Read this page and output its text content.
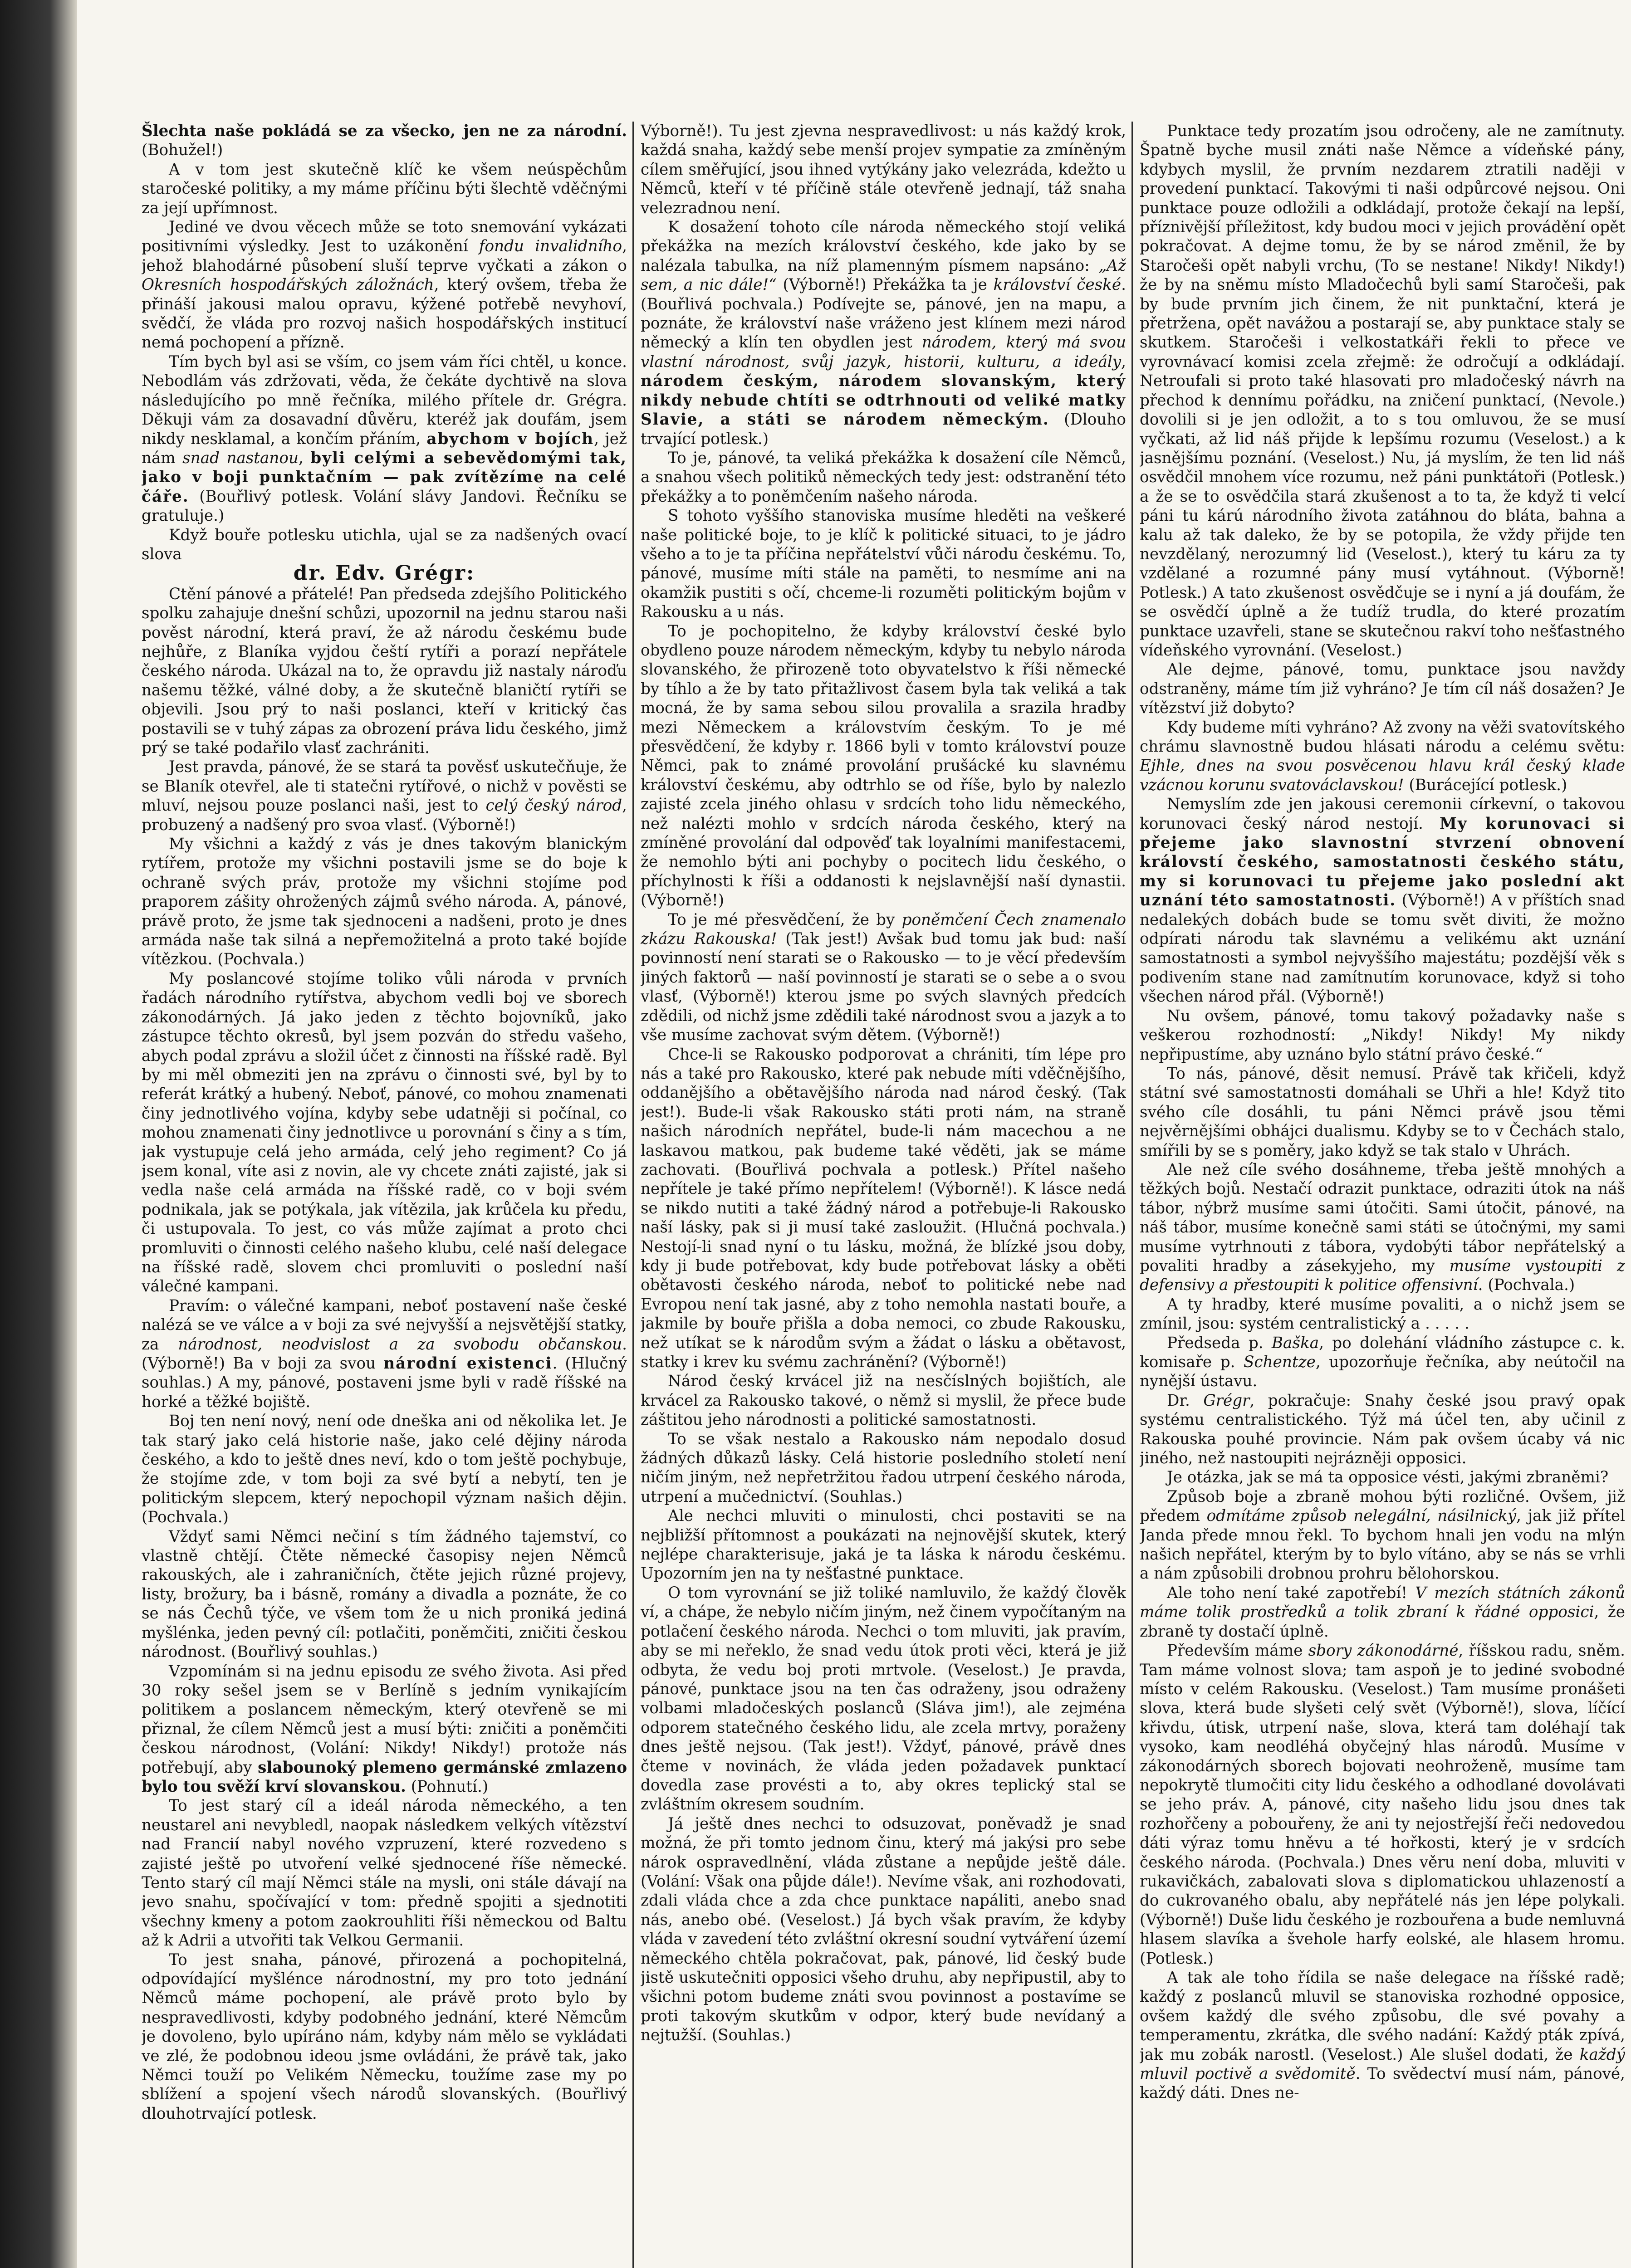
Šlechta naše pokládá se za všecko, jen ne za národní. (Bohužel!)

A v tom jest skutečně klíč ke všem neúspěchům staročeské politiky, a my máme příčinu býti šlechtě vděčnými za její upřímnost.

Jediné ve dvou věcech může se toto snemování vykázati positivními výsledky. Jest to uzákonění fondu invalidního, jehož blahodárné působení sluší teprve vyčkati a zákon o Okresních hospodářských záložnách, který ovšem, třeba že přináší jakousi malou opravu, kýžené potřebě nevyhoví, svědčí, že vláda pro rozvoj našich hospodářských institucí nemá pochopení a přízně.

Tím bych byl asi se vším, co jsem vám říci chtěl, u konce. Nebodlám vás zdržovati, věda, že čekáte dychtivě na slova následujícího po mně řečníka, milého přítele dr. Grégra. Děkuji vám za dosavadní důvěru, kteréž jak doufám, jsem nikdy nesklamal, a končím přáním, abychom v bojích, jež nám snad nastanou, byli celými a sebevědomými tak, jako v boji punktačním — pak zvítězíme na celé čáře. (Bouřlivý potlesk. Volání slávy Jandovi. Řečníku se gratuluje.)

Když bouře potlesku utichla, ujal se za nadšených ovací slova

dr. Edv. Grégr:

Ctění pánové a přátelé! Pan předseda zdejšího Politického spolku zahajuje dnešní schůzi, upozornil na jednu starou naši pověst národní, která praví, že až národu českému bude nejhůře, z Blaníka vyjdou čeští rytíři a porazí nepřátele českého národa. Ukázal na to, že opravdu již nastaly nároďu našemu těžké, válné doby, a že skutečně blaničtí rytíři se objevili. Jsou prý to naši poslanci, kteří v kritický čas postavili se v tuhý zápas za obrození práva lidu českého, jimž prý se také podařilo vlasť zachrániti.

Jest pravda, pánové, že se stará ta pověsť uskutečňuje, že se Blaník otevřel, ale ti statečni rytířové, o nichž v pověsti se mluví, nejsou pouze poslanci naši, jest to celý český národ, probuzený a nadšený pro svoa vlasť. (Výborně!)

My všichni a každý z vás je dnes takovým blanickým rytířem, protože my všichni postavili jsme se do boje k ochraně svých práv, protože my všichni stojíme pod praporem zášity ohrožených zájmů svého národa. A, pánové, právě proto, že jsme tak sjednoceni a nadšeni, proto je dnes armáda naše tak silná a nepřemožitelná a proto také bojíde vítězkou. (Pochvala.)

My poslancové stojíme toliko vůli národa v prvních řadách národního rytířstva, abychom vedli boj ve sborech zákonodárných. Já jako jeden z těchto bojovníků, jako zástupce těchto okresů, byl jsem pozván do středu vašeho, abych podal zprávu a složil účet z činnosti na říšské radě. Byl by mi měl obmeziti jen na zprávu o činnosti své, byl by to referát krátký a hubený. Neboť, pánové, co mohou znamenati činy jednotlivého vojína, kdyby sebe udatněji si počínal, co mohou znamenati činy jednotlivce u porovnání s činy a s tím, jak vystupuje celá jeho armáda, celý jeho regiment? Co já jsem konal, víte asi z novin, ale vy chcete znáti zajisté, jak si vedla naše celá armáda na říšské radě, co v boji svém podnikala, jak se potýkala, jak vítězila, jak krůčela ku předu, či ustupovala. To jest, co vás může zajímat a proto chci promluviti o činnosti celého našeho klubu, celé naší delegace na říšské radě, slovem chci promluviti o poslední naší válečné kampani.

Pravím: o válečné kampani, neboť postavení naše české nalézá se ve válce a v boji za své nejvyšší a nejsvětější statky, za národnost, neodvislost a za svobodu občanskou. (Výborně!) Ba v boji za svou národní existenci. (Hlučný souhlas.) A my, pánové, postaveni jsme byli v radě říšské na horké a těžké bojiště.

Boj ten není nový, není ode dneška ani od několika let. Je tak starý jako celá historie naše, jako celé dějiny národa českého, a kdo to ještě dnes neví, kdo o tom ještě pochybuje, že stojíme zde, v tom boji za své bytí a nebytí, ten je politickým slepcem, který nepochopil význam našich dějin. (Pochvala.)

Vždyť sami Němci nečiní s tím žádného tajemství, co vlastně chtějí. Čtěte německé časopisy nejen Němců rakouských, ale i zahraničních, čtěte jejich různé projevy, listy, brožury, ba i básně, romány a divadla a poznáte, že co se nás Čechů týče, ve všem tom že u nich proniká jediná myšlénka, jeden pevný cíl: potlačiti, poněmčiti, zničiti českou národnost. (Bouřlivý souhlas.)

Vzpomínám si na jednu episodu ze svého života. Asi před 30 roky sešel jsem se v Berlíně s jedním vynikajícím politikem a poslancem německým, který otevřeně se mi přiznal, že cílem Němců jest a musí býti: zničiti a poněmčiti českou národnost, (Volání: Nikdy! Nikdy!) protože nás potřebují, aby slabounoký plemeno germánské zmlazeno bylo tou svěží krví slovanskou. (Pohnutí.)

To jest starý cíl a ideál národa německého, a ten neustarel ani nevybledl, naopak následkem velkých vítězství nad Francií nabyl nového vzpruzení, které rozvedeno s zajisté ještě po utvoření velké sjednocené říše německé. Tento starý cíl mají Němci stále na mysli, oni stále dávají na jevo snahu, spočívající v tom: předně spojiti a sjednotiti všechny kmeny a potom zaokrouhliti říši německou od Baltu až k Adrii a utvořiti tak Velkou Germanii.

To jest snaha, pánové, přirozená a pochopitelná, odpovídající myšlénce národnostní, my pro toto jednání Němců máme pochopení, ale právě proto bylo by nespravedlivosti, kdyby podobného jednání, které Němcům je dovoleno, bylo upíráno nám, kdyby nám mělo se vykládati ve zlé, že podobnou ideou jsme ovládáni, že právě tak, jako Němci touží po Velikém Německu, toužíme zase my po sblížení a spojení všech národů slovanských. (Bouřlivý dlouhotrvající potlesk.

Výborně!). Tu jest zjevna nespravedlivost: u nás každý krok, každá snaha, každý sebe menší projev sympatie za zmíněným cílem směřující, jsou ihned vytýkány jako velezráda, kdežto u Němců, kteří v té příčině stále otevřeně jednají, táž snaha velezradnou není.

K dosažení tohoto cíle národa německého stojí veliká překážka na mezích království českého, kde jako by se nalézala tabulka, na níž plamenným písmem napsáno: „Až sem, a nic dále!“ (Výborně!) Překážka ta je království české. (Bouřlivá pochvala.) Podívejte se, pánové, jen na mapu, a poznáte, že království naše vráženo jest klínem mezi národ německý a klín ten obydlen jest národem, který má svou vlastní národnost, svůj jazyk, historii, kulturu, a ideály, národem českým, národem slovanským, který nikdy nebude chtíti se odtrhnouti od veliké matky Slavie, a státi se národem německým. (Dlouho trvající potlesk.)

To je, pánové, ta veliká překážka k dosažení cíle Němců, a snahou všech politiků německých tedy jest: odstranění této překážky a to poněmčením našeho národa.

S tohoto vyššího stanoviska musíme hleděti na veškeré naše politické boje, to je klíč k politické situaci, to je jádro všeho a to je ta příčina nepřátelství vůči národu českému. To, pánové, musíme míti stále na paměti, to nesmíme ani na okamžik pustiti s očí, chceme-li rozuměti politickým bojům v Rakousku a u nás.

To je pochopitelno, že kdyby království české bylo obydleno pouze národem německým, kdyby tu nebylo národa slovanského, že přirozeně toto obyvatelstvo k říši německé by tíhlo a že by tato přitažlivost časem byla tak veliká a tak mocná, že by sama sebou silou provalila a srazila hradby mezi Německem a královstvím českým. To je mé přesvědčení, že kdyby r. 1866 byli v tomto království pouze Němci, pak to známé provolání prušácké ku slavnému království českému, aby odtrhlo se od říše, bylo by nalezlo zajisté zcela jiného ohlasu v srdcích toho lidu německého, než nalézti mohlo v srdcích národa českého, který na zmíněné provolání dal odpověď tak loyalními manifestacemi, že nemohlo býti ani pochyby o pocitech lidu českého, o příchylnosti k říši a oddanosti k nejslavnější naší dynastii. (Výborně!)

To je mé přesvědčení, že by poněmčení Čech znamenalo zkázu Rakouska! (Tak jest!) Avšak bud tomu jak bud: naší povinností není starati se o Rakousko — to je věcí především jiných faktorů — naší povinností je starati se o sebe a o svou vlasť, (Výborně!) kterou jsme po svých slavných předcích zdědili, od nichž jsme zdědili také národnost svou a jazyk a to vše musíme zachovat svým dětem. (Výborně!)

Chce-li se Rakousko podporovat a chrániti, tím lépe pro nás a také pro Rakousko, které pak nebude míti vděčnějšího, oddanějšího a obětavějšího národa nad národ český. (Tak jest!). Bude-li však Rakousko státi proti nám, na straně našich národních nepřátel, bude-li nám macechou a ne laskavou matkou, pak budeme také věděti, jak se máme zachovati. (Bouřlivá pochvala a potlesk.) Přítel našeho nepřítele je také přímo nepřítelem! (Výborně!). K lásce nedá se nikdo nutiti a také žádný národ a potřebuje-li Rakousko naší lásky, pak si ji musí také zasloužit. (Hlučná pochvala.) Nestojí-li snad nyní o tu lásku, možná, že blízké jsou doby, kdy ji bude potřebovat, kdy bude potřebovat lásky a oběti obětavosti českého národa, neboť to politické nebe nad Evropou není tak jasné, aby z toho nemohla nastati bouře, a jakmile by bouře přišla a doba nemoci, co zbude Rakousku, než utíkat se k národům svým a žádat o lásku a obětavost, statky i krev ku svému zachránění? (Výborně!)

Národ český krvácel již na nesčíslných bojištích, ale krvácel za Rakousko takové, o němž si myslil, že přece bude záštitou jeho národnosti a politické samostatnosti.

To se však nestalo a Rakousko nám nepodalo dosud žádných důkazů lásky. Celá historie posledního století není ničím jiným, než nepřetržitou řadou utrpení českého národa, utrpení a mučednictví. (Souhlas.)

Ale nechci mluviti o minulosti, chci postaviti se na nejbližší přítomnost a poukázati na nejnovější skutek, který nejlépe charakterisuje, jaká je ta láska k národu českému. Upozorním jen na ty nešťastné punktace.

O tom vyrovnání se již toliké namluvilo, že každý člověk ví, a chápe, že nebylo ničím jiným, než činem vypočítaným na potlačení českého národa. Nechci o tom mluviti, jak pravím, aby se mi neřeklo, že snad vedu útok proti věci, která je již odbyta, že vedu boj proti mrtvole. (Veselost.) Je pravda, pánové, punktace jsou na ten čas odraženy, jsou odraženy volbami mladočeských poslanců (Sláva jim!), ale zejména odporem statečného českého lidu, ale zcela mrtvy, poraženy dnes ještě nejsou. (Tak jest!). Vždyť, pánové, právě dnes čteme v novinách, že vláda jeden požadavek punktací dovedla zase provésti a to, aby okres teplický stal se zvláštním okresem soudním.

Já ještě dnes nechci to odsuzovat, poněvadž je snad možná, že při tomto jednom činu, který má jakýsi pro sebe nárok ospravedlnění, vláda zůstane a nepůjde ještě dále. (Volání: Však ona půjde dále!). Nevíme však, ani rozhodovati, zdali vláda chce a zda chce punktace napáliti, anebo snad nás, anebo obé. (Veselost.) Já bych však pravím, že kdyby vláda v zavedení této zvláštní okresní soudní vytváření území německého chtěla pokračovat, pak, pánové, lid český bude jistě uskutečniti opposici všeho druhu, aby nepřipustil, aby to všichni potom budeme znáti svou povinnost a postavíme se proti takovým skutkům v odpor, který bude nevídaný a nejtužší. (Souhlas.)

Punktace tedy prozatím jsou odročeny, ale ne zamítnuty. Špatně byche musil znáti naše Němce a vídeňské pány, kdybych myslil, že prvním nezdarem ztratili naději v provedení punktací. Takovými ti naši odpůrcové nejsou. Oni punktace pouze odložili a odkládají, protože čekají na lepší, příznivější příležitost, kdy budou moci v jejich provádění opět pokračovat. A dejme tomu, že by se národ změnil, že by Staročeši opět nabyli vrchu, (To se nestane! Nikdy! Nikdy!) že by na sněmu místo Mladočechů byli samí Staročeši, pak by bude prvním jich činem, že nit punktační, která je přetržena, opět navážou a postarají se, aby punktace staly se skutkem. Staročeši i velkostatkáři řekli to přece ve vyrovnávací komisi zcela zřejmě: že odročují a odkládají. Netroufali si proto také hlasovati pro mladočeský návrh na přechod k dennímu pořádku, na zničení punktací, (Nevole.) dovolili si je jen odložit, a to s tou omluvou, že se musí vyčkati, až lid náš přijde k lepšímu rozumu (Veselost.) a k jasnějšímu poznání. (Veselost.) Nu, já myslím, že ten lid náš osvědčil mnohem více rozumu, než páni punktátoři (Potlesk.) a že se to osvědčila stará zkušenost a to ta, že když ti velcí páni tu kárú národního života zatáhnou do bláta, bahna a kalu až tak daleko, že by se potopila, že vždy přijde ten nevzdělaný, nerozumný lid (Veselost.), který tu káru za ty vzdělané a rozumné pány musí vytáhnout. (Výborně! Potlesk.) A tato zkušenost osvědčuje se i nyní a já doufám, že se osvědčí úplně a že tudíž trudla, do které prozatím punktace uzavřeli, stane se skutečnou rakví toho nešťastného vídeňského vyrovnání. (Veselost.)

Ale dejme, pánové, tomu, punktace jsou navždy odstraněny, máme tím již vyhráno? Je tím cíl náš dosažen? Je vítězství již dobyto?

Kdy budeme míti vyhráno? Až zvony na věži svatovítského chrámu slavnostně budou hlásati národu a celému světu: Ejhle, dnes na svou posvěcenou hlavu král český klade vzácnou korunu svatováclavskou! (Burácející potlesk.)

Nemyslím zde jen jakousi ceremonii církevní, o takovou korunovaci český národ nestojí. My korunovaci si přejeme jako slavnostní stvrzení obnovení královstí českého, samostatnosti českého státu, my si korunovaci tu přejeme jako poslední akt uznání této samostatnosti. (Výborně!) A v příštích snad nedalekých dobách bude se tomu svět diviti, že možno odpírati národu tak slavnému a velikému akt uznání samostatnosti a symbol nejvyššího majestátu; pozdější věk s podivením stane nad zamítnutím korunovace, když si toho všechen národ přál. (Výborně!)

Nu ovšem, pánové, tomu takový požadavky naše s veškerou rozhodností: „Nikdy! Nikdy! My nikdy nepřipustíme, aby uznáno bylo státní právo české.“

To nás, pánové, děsit nemusí. Právě tak křičeli, když státní své samostatnosti domáhali se Uhři a hle! Když tito svého cíle dosáhli, tu páni Němci právě jsou těmi nejvěrnějšími obhájci dualismu. Kdyby se to v Čechách stalo, smířili by se s poměry, jako když se tak stalo v Uhrách.

Ale než cíle svého dosáhneme, třeba ještě mnohých a těžkých bojů. Nestačí odrazit punktace, odraziti útok na náš tábor, nýbrž musíme sami útočiti. Sami útočit, pánové, na náš tábor, musíme konečně sami státi se útočnými, my sami musíme vytrhnouti z tábora, vydobýti tábor nepřátelský a povaliti hradby a zásekyjeho, my musíme vystoupiti z defensivy a přestoupiti k politice offensivní. (Pochvala.)

A ty hradby, které musíme povaliti, a o nichž jsem se zmínil, jsou: systém centralistický a . . . . .

Předseda p. Baška, po dolehání vládního zástupce c. k. komisaře p. Schentze, upozorňuje řečníka, aby neútočil na nynější ústavu.

Dr. Grégr, pokračuje: Snahy české jsou pravý opak systému centralistického. Týž má účel ten, aby učinil z Rakouska pouhé provincie. Nám pak ovšem úcaby vá nic jiného, než nastoupiti nejrázněji opposici.

Je otázka, jak se má ta opposice vésti, jakými zbraněmi?

Způsob boje a zbraně mohou býti rozličné. Ovšem, již předem odmítáme způsob nelegální, násilnický, jak již přítel Janda přede mnou řekl. To bychom hnali jen vodu na mlýn našich nepřátel, kterým by to bylo vítáno, aby se nás se vrhli a nám způsobili drobnou prohru bělohorskou.

Ale toho není také zapotřebí! V mezích státních zákonů máme tolik prostředků a tolik zbraní k řádné opposici, že zbraně ty dostačí úplně.

Především máme sbory zákonodárné, říšskou radu, sněm. Tam máme volnost slova; tam aspoň je to jediné svobodné místo v celém Rakousku. (Veselost.) Tam musíme pronášeti slova, která bude slyšeti celý svět (Výborně!), slova, líčící křivdu, útisk, utrpení naše, slova, která tam doléhají tak vysoko, kam neodléhá obyčejný hlas národů. Musíme v zákonodárných sborech bojovati neohroženě, musíme tam nepokrytě tlumočiti city lidu českého a odhodlané dovolávati se jeho práv. A, pánové, city našeho lidu jsou dnes tak rozhořčeny a pobouřeny, že ani ty nejostřejší řeči nedovedou dáti výraz tomu hněvu a té hořkosti, který je v srdcích českého národa. (Pochvala.) Dnes věru není doba, mluviti v rukavičkách, zabalovati slova s diplomatickou uhlazeností a do cukrovaného obalu, aby nepřátelé nás jen lépe polykali. (Výborně!) Duše lidu českého je rozbouřena a bude nemluvná hlasem slavíka a švehole harfy eolské, ale hlasem hromu. (Potlesk.)

A tak ale toho řídila se naše delegace na říšské radě; každý z poslanců mluvil se stanoviska rozhodné opposice, ovšem každý dle svého způsobu, dle své povahy a temperamentu, zkrátka, dle svého nadání: Každý pták zpívá, jak mu zobák narostl. (Veselost.) Ale slušel dodati, že každý mluvil poctivě a svědomitě. To svědectví musí nám, pánové, každý dáti. Dnes ne-
